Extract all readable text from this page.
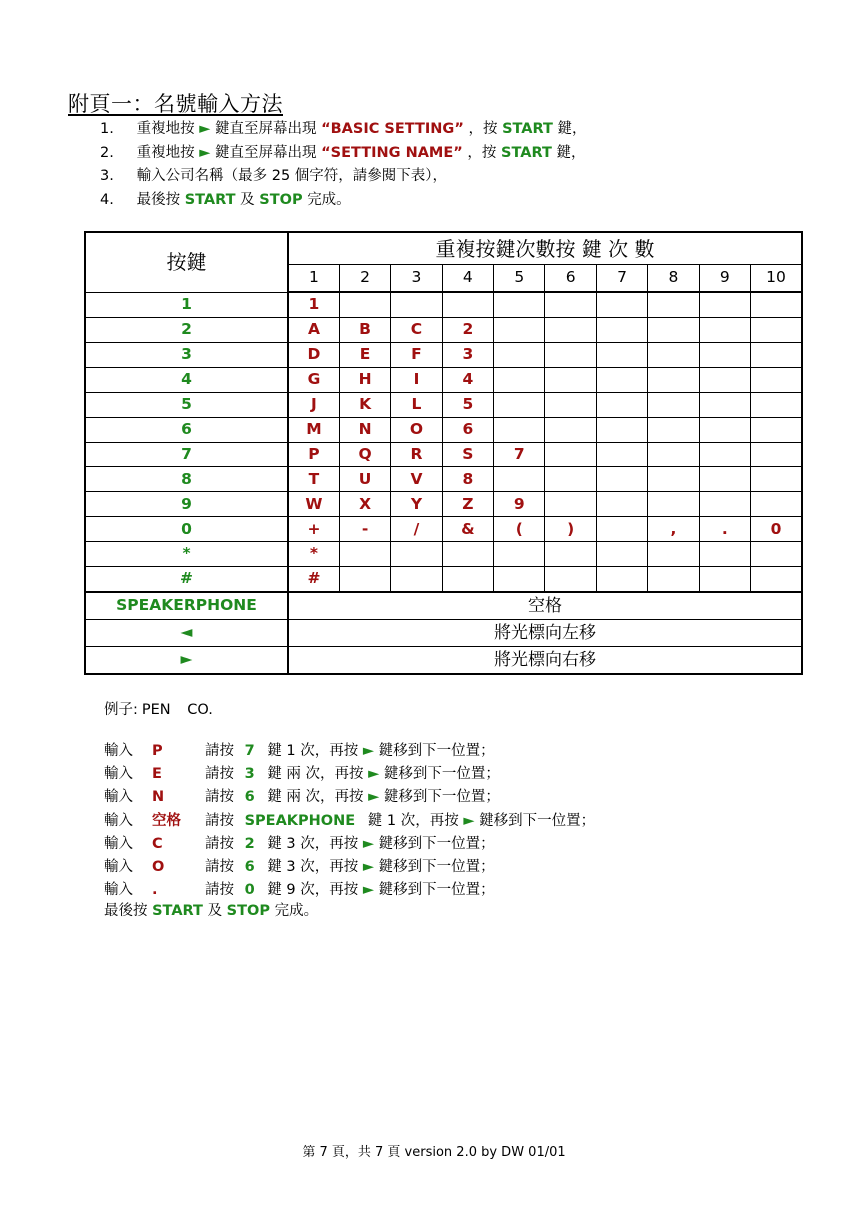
附頁一：名號輸入方法
1. 重複地按 ► 鍵直至屏幕出現 “BASIC SETTING” ，按 START 鍵，
2. 重複地按 ► 鍵直至屏幕出現 “SETTING NAME” ，按 START 鍵，
3. 輸入公司名稱（最多 25 個字符，請參閱下表），
4. 最後按 START 及 STOP 完成。
按鍵	重複按鍵次數按 鍵 次 數									
	1	2	3	4	5	6	7	8	9	10
1	1									
2	A	B	C	2						
3	D	E	F	3						
4	G	H	I	4						
5	J	K	L	5						
6	M	N	O	6						
7	P	Q	R	S	7					
8	T	U	V	8						
9	W	X	Y	Z	9					
0	+	-	/	&	(	)		,	.	0
*	*									
#	#									
SPEAKERPHONE	空格									
◄	將光標向左移									
►	將光標向右移									
例子: PEN CO.
輸入 P	請按 7 鍵 1 次，再按 ► 鍵移到下一位置；
輸入 E	請按 3 鍵 兩 次，再按 ► 鍵移到下一位置；
輸入 N	請按 6 鍵 兩 次，再按 ► 鍵移到下一位置；
輸入 空格 請按 SPEAKPHONE 鍵 1 次，再按 ► 鍵移到下一位置；
輸入 C	請按 2 鍵 3 次，再按 ► 鍵移到下一位置；
輸入 O	請按 6 鍵 3 次，再按 ► 鍵移到下一位置；
輸入 .	請按 0 鍵 9 次，再按 ► 鍵移到下一位置；
最後按 START 及 STOP 完成。
第 7 頁，共 7 頁 version 2.0 by DW 01/01
